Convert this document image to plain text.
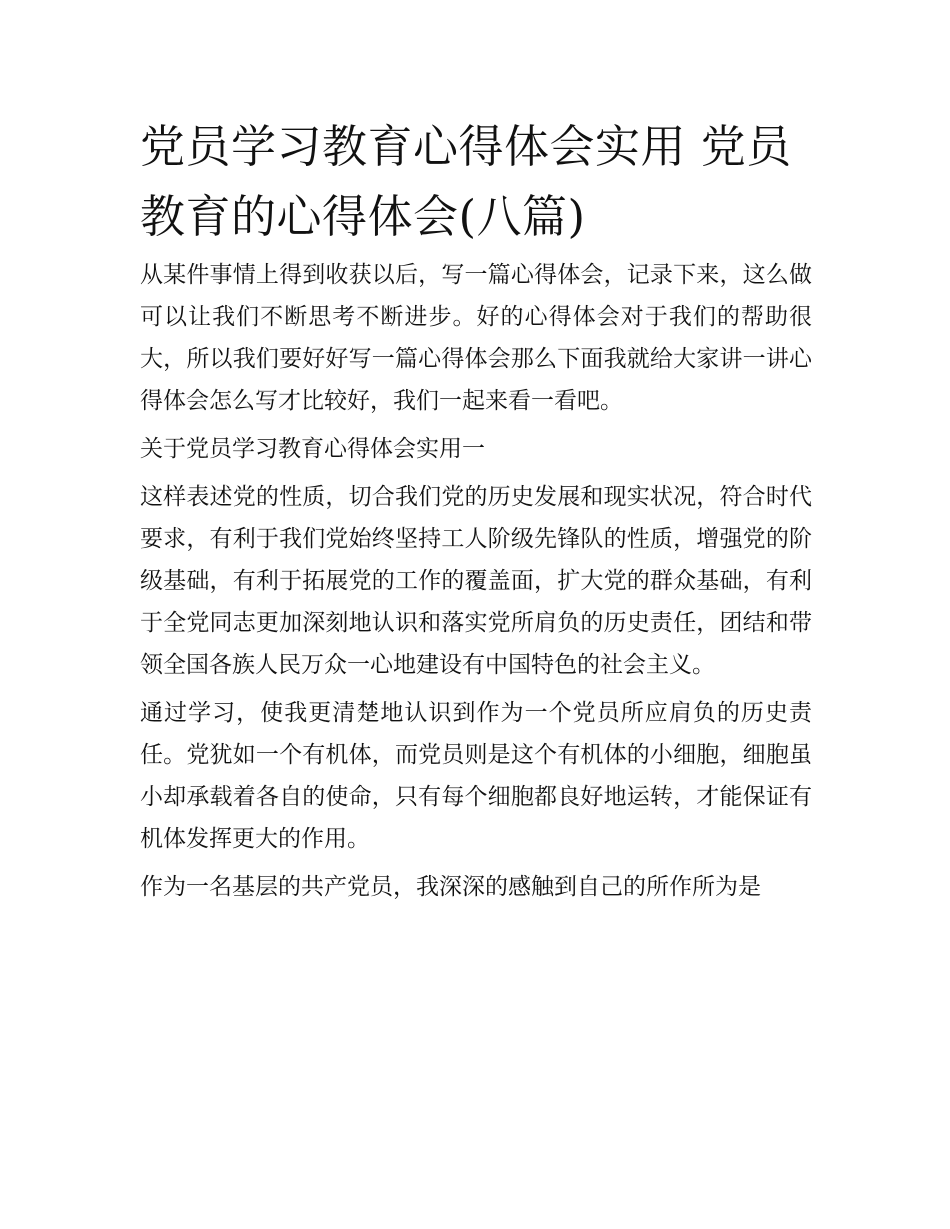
党员学习教育心得体会实用 党员教育的心得体会(八篇)

从某件事情上得到收获以后，写一篇心得体会，记录下来，这么做可以让我们不断思考不断进步。好的心得体会对于我们的帮助很大，所以我们要好好写一篇心得体会那么下面我就给大家讲一讲心得体会怎么写才比较好，我们一起来看一看吧。

关于党员学习教育心得体会实用一

这样表述党的性质，切合我们党的历史发展和现实状况，符合时代要求，有利于我们党始终坚持工人阶级先锋队的性质，增强党的阶级基础，有利于拓展党的工作的覆盖面，扩大党的群众基础，有利于全党同志更加深刻地认识和落实党所肩负的历史责任，团结和带领全国各族人民万众一心地建设有中国特色的社会主义。

通过学习，使我更清楚地认识到作为一个党员所应肩负的历史责任。党犹如一个有机体，而党员则是这个有机体的小细胞，细胞虽小却承载着各自的使命，只有每个细胞都良好地运转，才能保证有机体发挥更大的作用。

作为一名基层的共产党员，我深深的感触到自己的所作所为是
